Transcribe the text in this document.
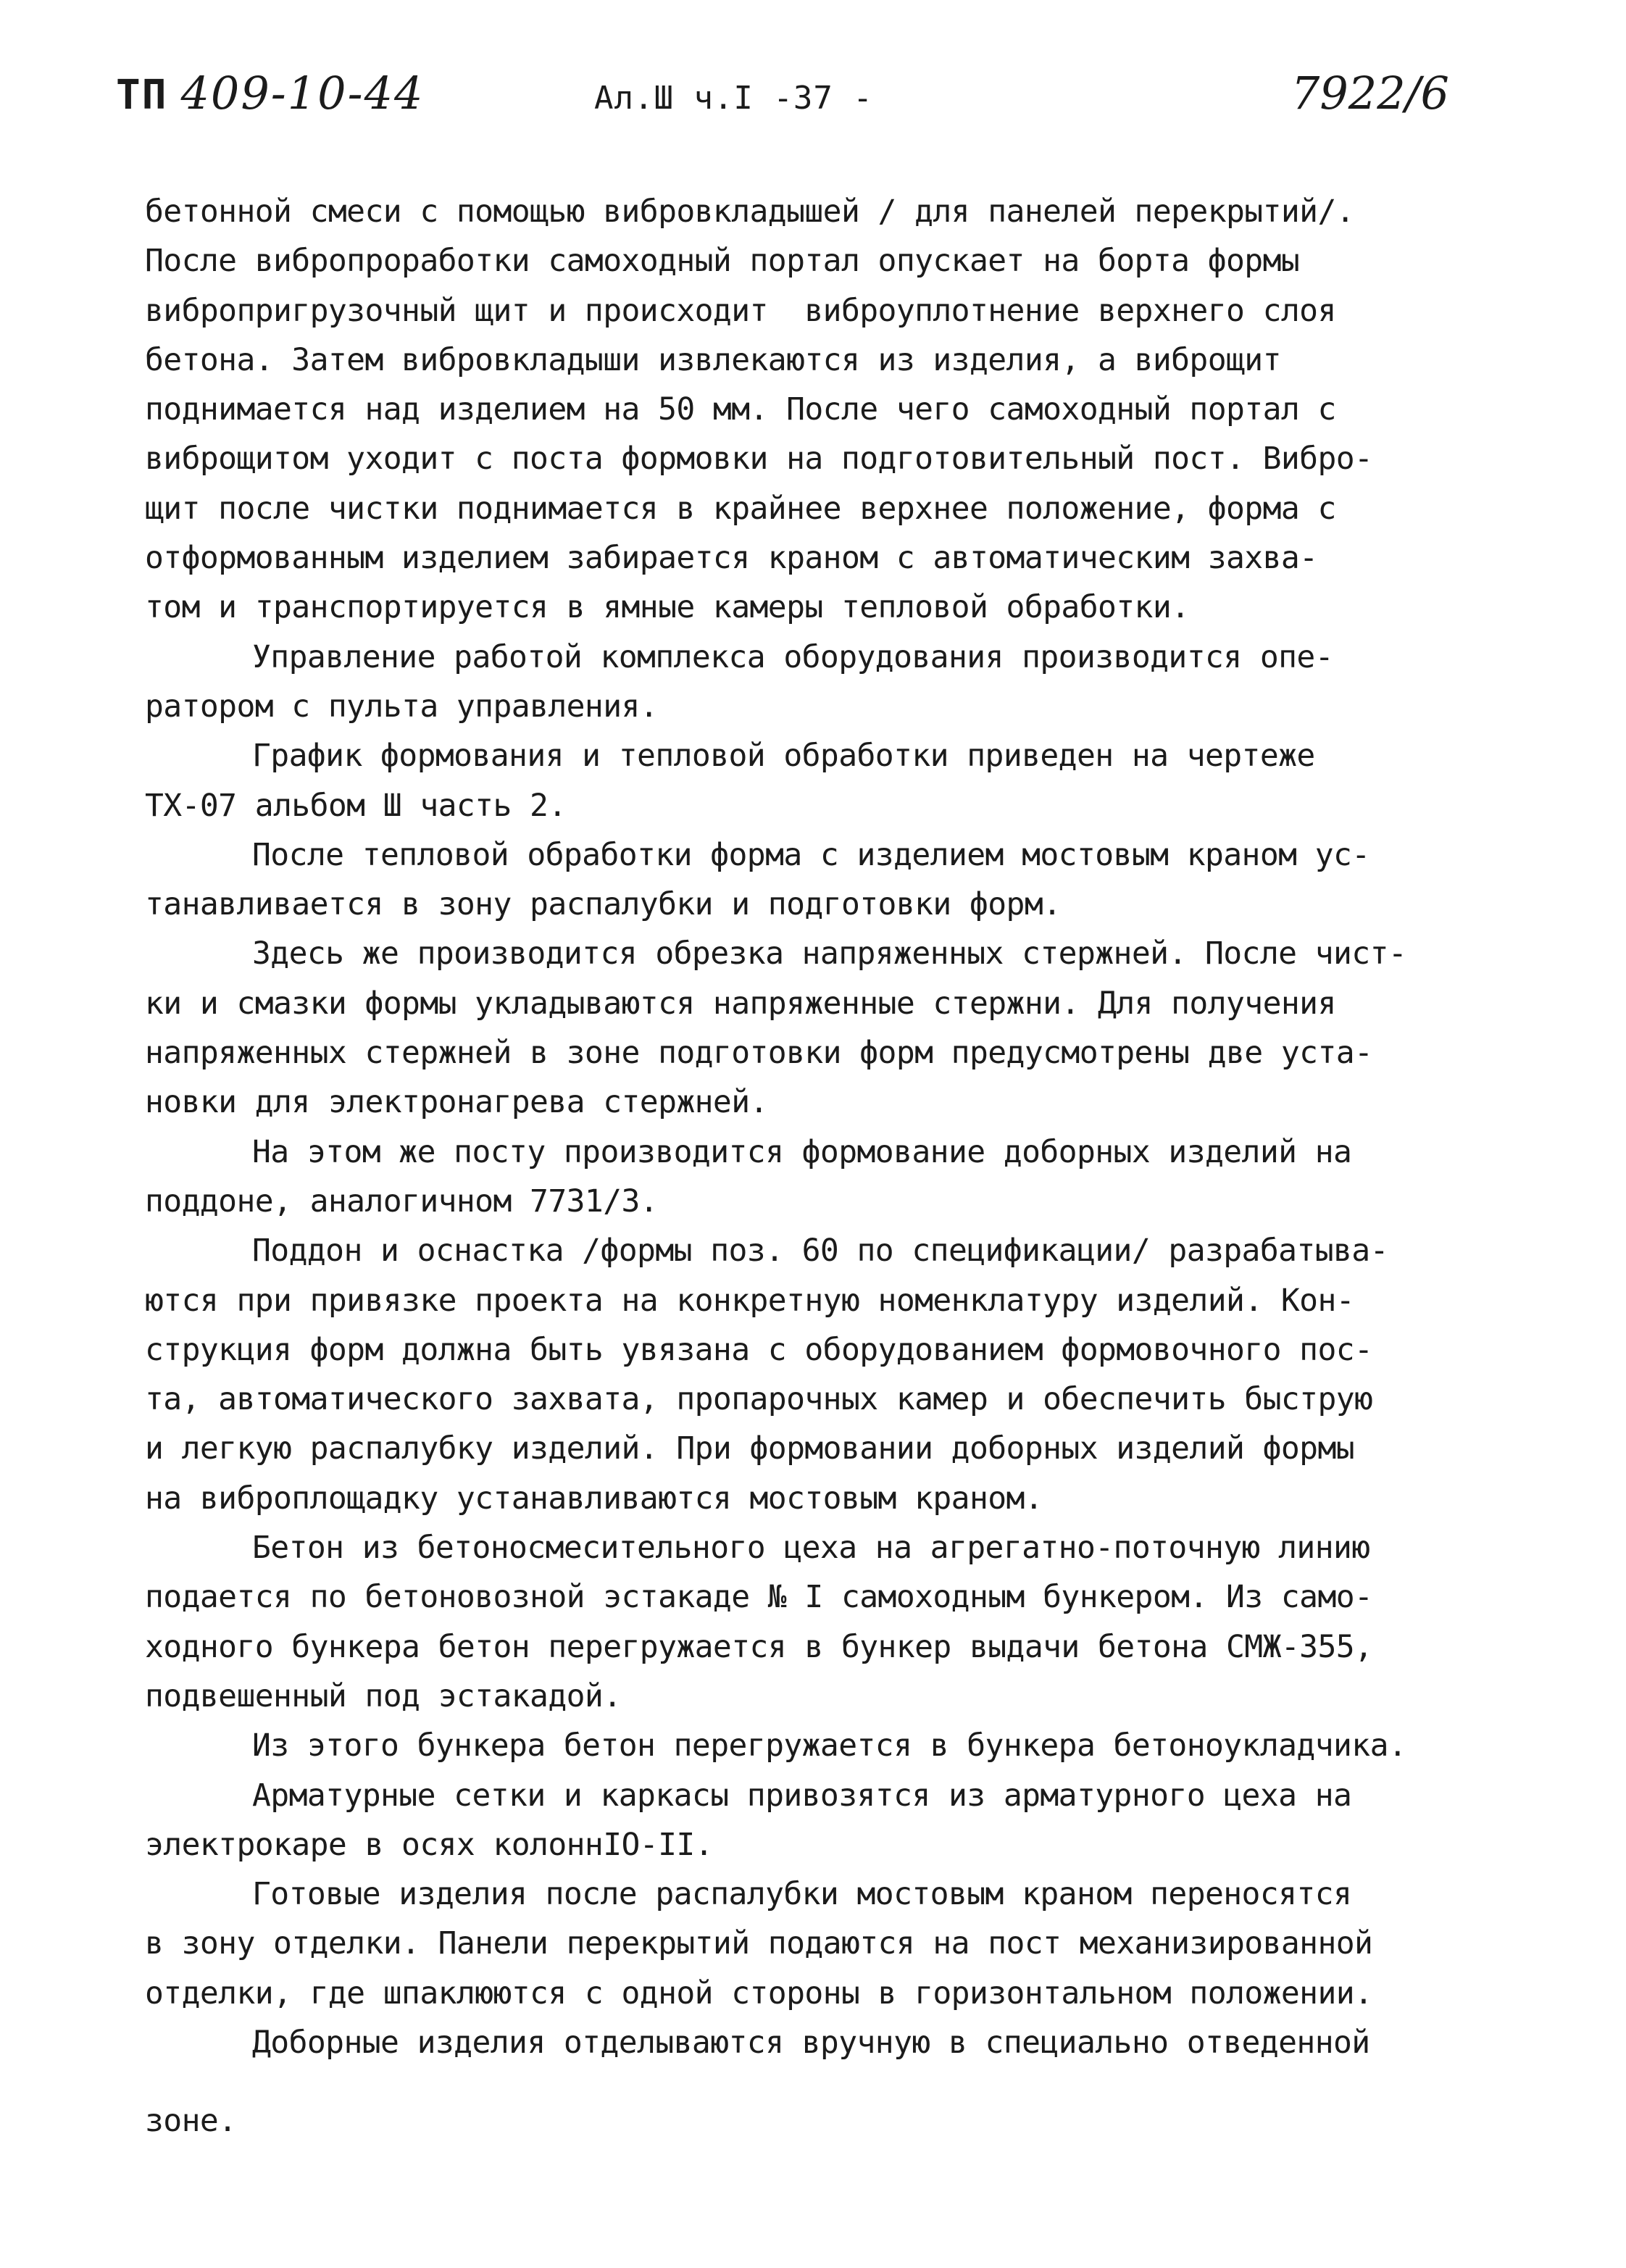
ТП 409-10-44	Ал.Ш ч.I -37 -	7922/6
бетонной смеси с помощью вибровкладышей / для панелей перекрытий/.
После вибропроработки самоходный портал опускает на борта формы
вибропригрузочный щит и происходит  виброуплотнение верхнего слоя
бетона. Затем вибровкладыши извлекаются из изделия, а виброщит
поднимается над изделием на 50 мм. После чего самоходный портал с
виброщитом уходит с поста формовки на подготовительный пост. Вибро-
щит после чистки поднимается в крайнее верхнее положение, форма с
отформованным изделием забирается краном с автоматическим захва-
том и транспортируется в ямные камеры тепловой обработки.
Управление работой комплекса оборудования производится опе-
ратором с пульта управления.
График формования и тепловой обработки приведен на чертеже
ТХ-07 альбом Ш часть 2.
После тепловой обработки форма с изделием мостовым краном ус-
танавливается в зону распалубки и подготовки форм.
Здесь же производится обрезка напряженных стержней. После чист-
ки и смазки формы укладываются напряженные стержни. Для получения
напряженных стержней в зоне подготовки форм предусмотрены две уста-
новки для электронагрева стержней.
На этом же посту производится формование доборных изделий на
поддоне, аналогичном 7731/3.
Поддон и оснастка /формы поз. 60 по спецификации/ разрабатыва-
ются при привязке проекта на конкретную номенклатуру изделий. Кон-
струкция форм должна быть увязана с оборудованием формовочного пос-
та, автоматического захвата, пропарочных камер и обеспечить быструю
и легкую распалубку изделий. При формовании доборных изделий формы
на виброплощадку устанавливаются мостовым краном.
Бетон из бетоносмесительного цеха на агрегатно-поточную линию
подается по бетоновозной эстакаде № I самоходным бункером. Из само-
ходного бункера бетон перегружается в бункер выдачи бетона СМЖ-355,
подвешенный под эстакадой.
Из этого бункера бетон перегружается в бункера бетоноукладчика.
Арматурные сетки и каркасы привозятся из арматурного цеха на
электрокаре в осях колоннIO-II.
Готовые изделия после распалубки мостовым краном переносятся
в зону отделки. Панели перекрытий подаются на пост механизированной
отделки, где шпаклюются с одной стороны в горизонтальном положении.
Доборные изделия отделываются вручную в специально отведенной
зоне.
